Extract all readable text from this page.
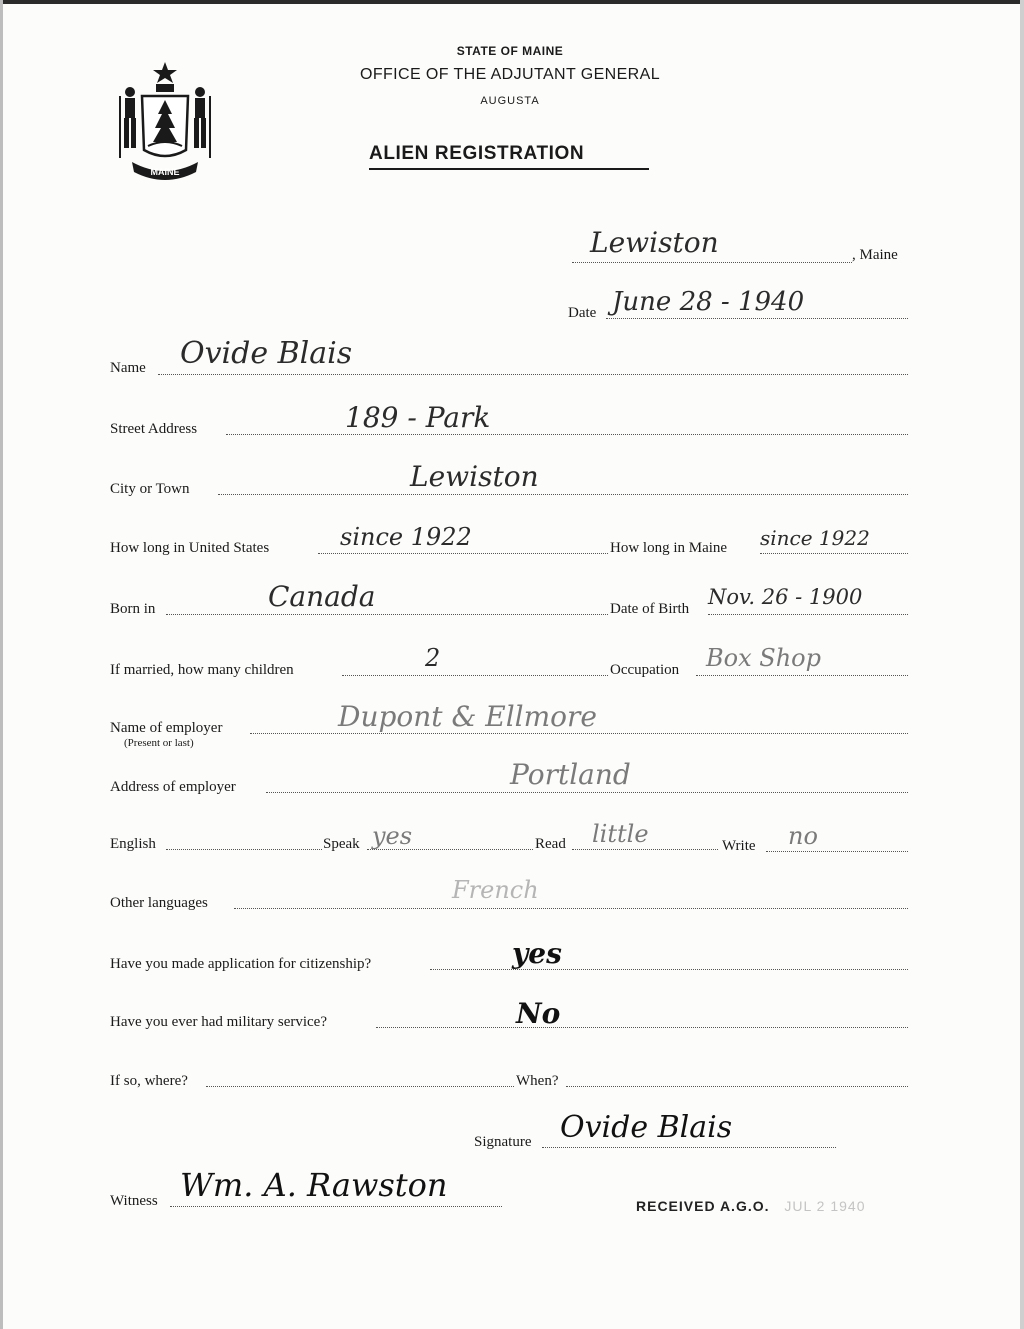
MAINE
STATE OF MAINE
OFFICE OF THE ADJUTANT GENERAL
AUGUSTA
ALIEN REGISTRATION
Lewiston	, Maine
Date June 28 - 1940
Name Ovide Blais
Street Address	189 - Park
City or Town	Lewiston
How long in United States	since 1922	How long in Maine since 1922
Born in	Canada	Date of Birth Nov. 26 - 1900
If married, how many children	2	Occupation Box Shop
Name of employer
(Present or last)
Dupont & Ellmore
Address of employer	Portland
English	Speak yes	Read little	Write no
Other languages	French
Have you made application for citizenship?	yes
Have you ever had military service?	No
If so, where?	When?
Signature Ovide Blais
Witness Wm. A. Rawston
RECEIVED A.G.O. JUL 2 1940
